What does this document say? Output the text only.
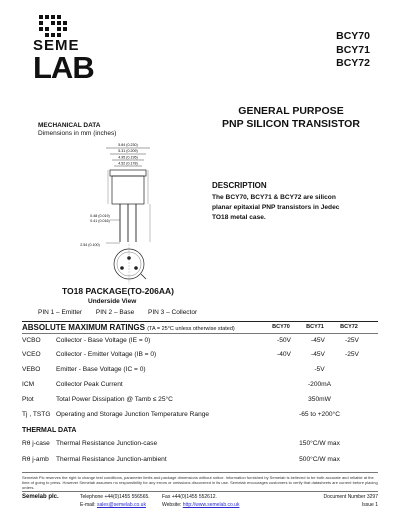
SEME
LAB
BCY70
BCY71
BCY72
GENERAL PURPOSE
PNP SILICON TRANSISTOR
MECHANICAL DATA
Dimensions in mm (inches)
5.84 (0.230)
5.31 (0.209)
4.95 (0.195)
4.52 (0.178)
0.48 (0.019)
0.41 (0.016)
2.54 (0.100)
DESCRIPTION
The BCY70, BCY71 & BCY72 are silicon
planar epitaxial PNP transistors in Jedec
TO18 metal case.
TO18 PACKAGE(TO-206AA)
Underside View
PIN 1 – Emitter PIN 2 – Base PIN 3 – Collector
ABSOLUTE MAXIMUM RATINGS (TA = 25°C unless otherwise stated)	BCY70	BCY71	BCY72
VCBO	Collector - Base Voltage (IE = 0)	-50V	-45V	-25V
VCEO	Collector - Emitter Voltage (IB = 0)	-40V	-45V	-25V
VEBO	Emitter - Base Voltage (IC = 0)	-5V
ICM	Collector Peak Current	-200mA
Ptot	Total Power Dissipation @ Tamb ≤ 25°C	350mW
Tj , TSTG Operating and Storage Junction Temperature Range	-65 to +200°C
THERMAL DATA
Rθ j-case Thermal Resistance Junction-case	150°C/W max
Rθ j-amb	Thermal Resistance Junction-ambient	500°C/W max
Semelab Plc reserves the right to change test conditions, parameter limits and package dimensions without notice. Information furnished by Semelab is believed to be both accurate and reliable at the time of going to press. However Semelab assumes no responsibility for any errors or omissions discovered in its use. Semelab encourages customers to verify that datasheets are current before placing orders.
Semelab plc.	Telephone +44(0)1455 556565. Fax +44(0)1455 552612.
E-mail: sales@semelab.co.uk	Website: http://www.semelab.co.uk
Document Number 3297
Issue 1
